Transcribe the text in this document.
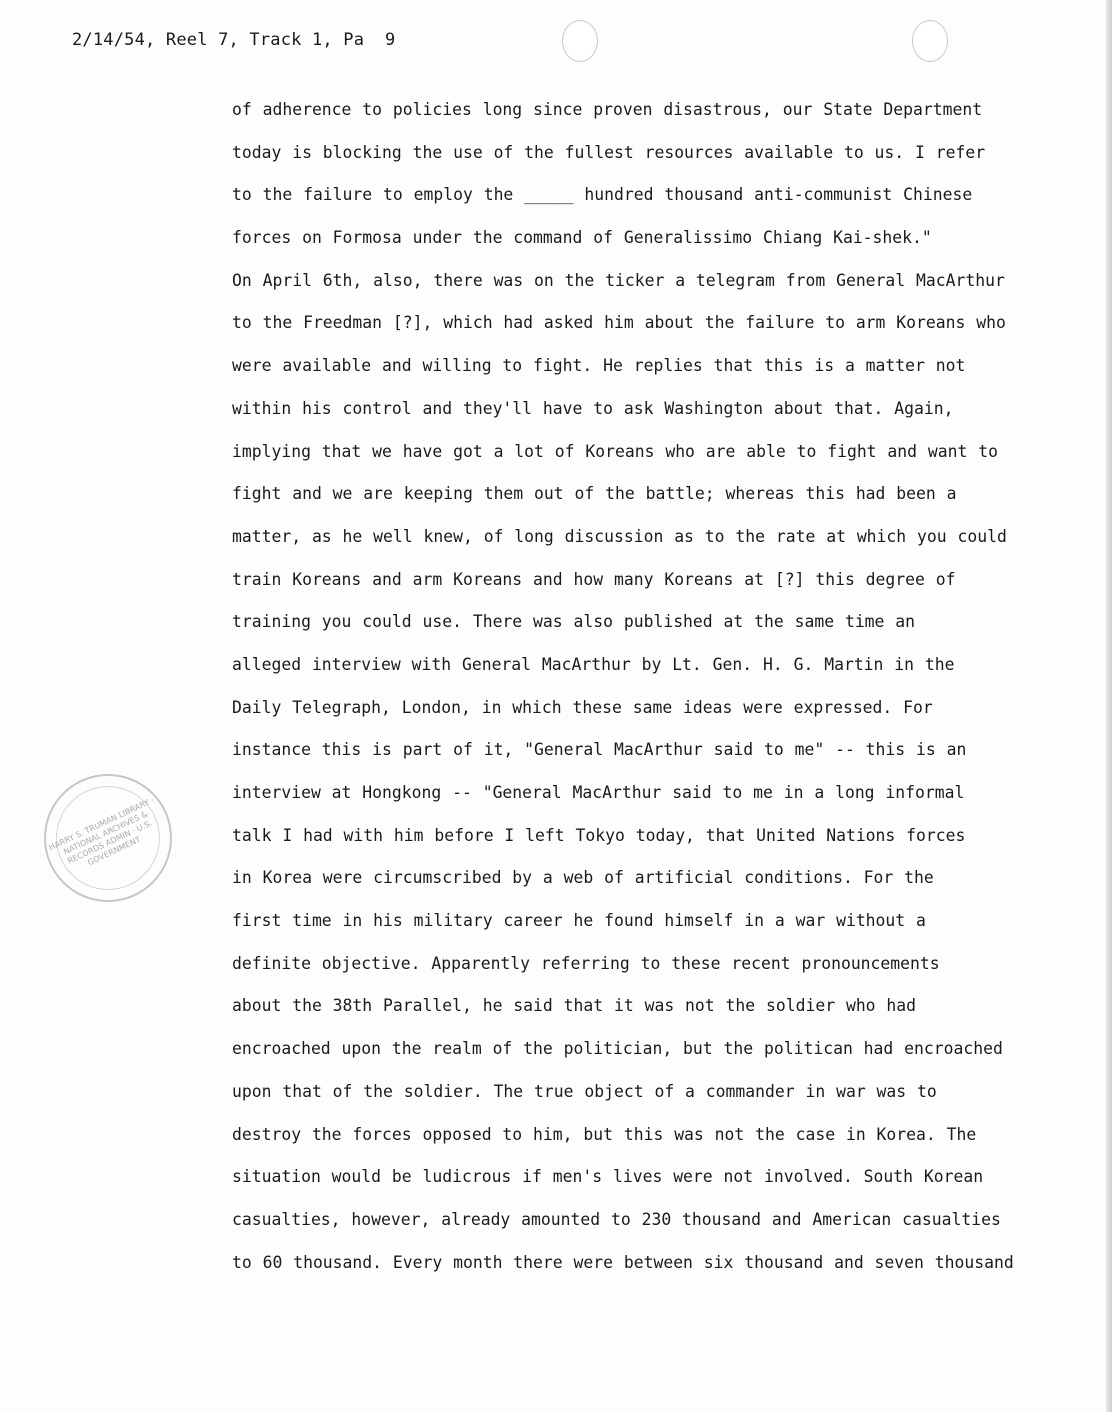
2/14/54, Reel 7, Track 1, Pa  9
HARRY S. TRUMAN LIBRARY · NATIONAL ARCHIVES & RECORDS ADMIN · U.S. GOVERNMENT
of adherence to policies long since proven disastrous, our State Department
today is blocking the use of the fullest resources available to us. I refer
to the failure to employ the _____ hundred thousand anti-communist Chinese
forces on Formosa under the command of Generalissimo Chiang Kai-shek."
On April 6th, also, there was on the ticker a telegram from General MacArthur
to the Freedman [?], which had asked him about the failure to arm Koreans who
were available and willing to fight. He replies that this is a matter not
within his control and they'll have to ask Washington about that. Again,
implying that we have got a lot of Koreans who are able to fight and want to
fight and we are keeping them out of the battle; whereas this had been a
matter, as he well knew, of long discussion as to the rate at which you could
train Koreans and arm Koreans and how many Koreans at [?] this degree of
training you could use. There was also published at the same time an
alleged interview with General MacArthur by Lt. Gen. H. G. Martin in the
Daily Telegraph, London, in which these same ideas were expressed. For
instance this is part of it, "General MacArthur said to me" -- this is an
interview at Hongkong -- "General MacArthur said to me in a long informal
talk I had with him before I left Tokyo today, that United Nations forces
in Korea were circumscribed by a web of artificial conditions. For the
first time in his military career he found himself in a war without a
definite objective. Apparently referring to these recent pronouncements
about the 38th Parallel, he said that it was not the soldier who had
encroached upon the realm of the politician, but the politican had encroached
upon that of the soldier. The true object of a commander in war was to
destroy the forces opposed to him, but this was not the case in Korea. The
situation would be ludicrous if men's lives were not involved. South Korean
casualties, however, already amounted to 230 thousand and American casualties
to 60 thousand. Every month there were between six thousand and seven thousand
